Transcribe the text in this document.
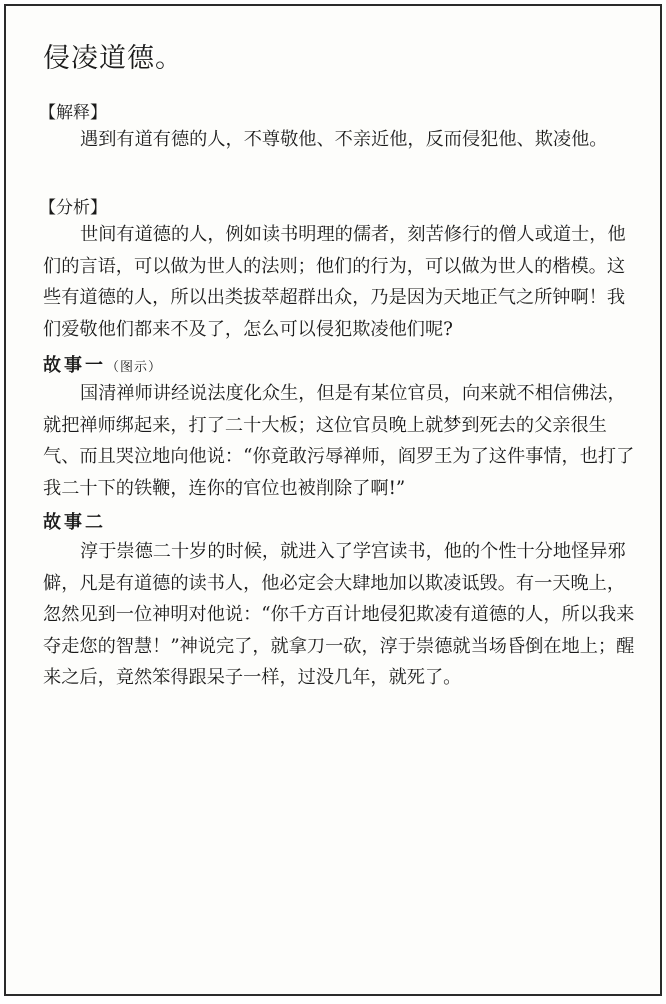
侵凌道德。
【解释】

遇到有道有德的人，不尊敬他、不亲近他，反而侵犯他、欺凌他。

【分析】

世间有道德的人，例如读书明理的儒者，刻苦修行的僧人或道士，他们的言语，可以做为世人的法则；他们的行为，可以做为世人的楷模。这些有道德的人，所以出类拔萃超群出众，乃是因为天地正气之所钟啊！我们爱敬他们都来不及了，怎么可以侵犯欺凌他们呢?

故事一（图示）

国清禅师讲经说法度化众生，但是有某位官员，向来就不相信佛法，就把禅师绑起来，打了二十大板；这位官员晚上就梦到死去的父亲很生气、而且哭泣地向他说：“你竟敢污辱禅师，阎罗王为了这件事情，也打了我二十下的铁鞭，连你的官位也被削除了啊!”

故事二

淳于崇德二十岁的时候，就进入了学宫读书，他的个性十分地怪异邪僻，凡是有道德的读书人，他必定会大肆地加以欺凌诋毁。有一天晚上，忽然见到一位神明对他说：“你千方百计地侵犯欺凌有道德的人，所以我来夺走您的智慧！”神说完了，就拿刀一砍，淳于崇德就当场昏倒在地上；醒来之后，竟然笨得跟呆子一样，过没几年，就死了。
